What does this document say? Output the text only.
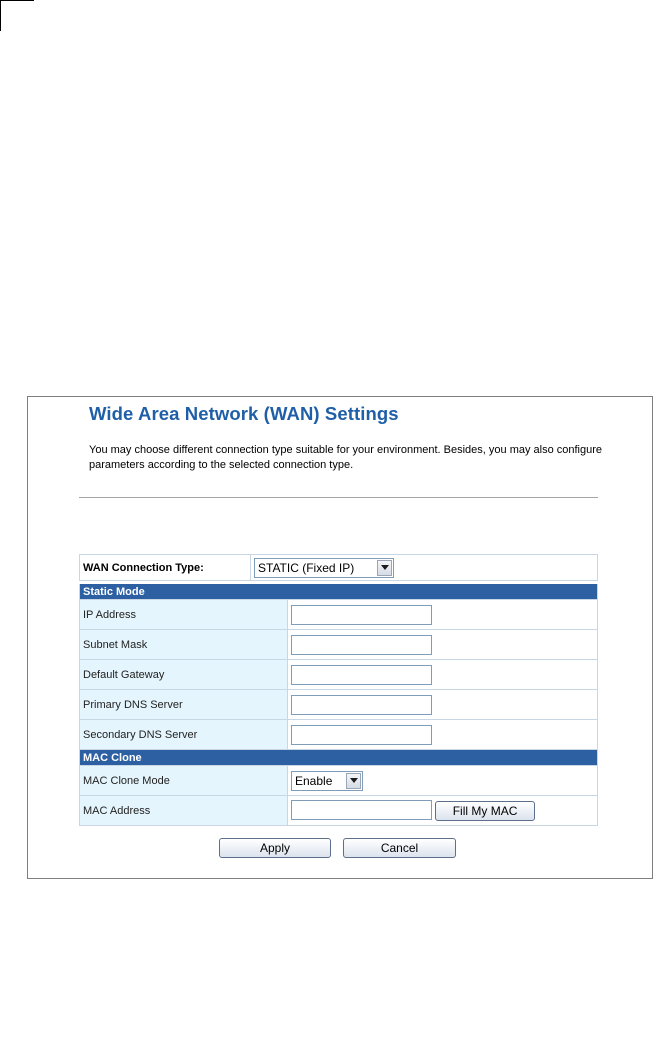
Wide Area Network (WAN) Settings

You may choose different connection type suitable for your environment. Besides, you may also configure parameters according to the selected connection type.

WAN Connection Type:	STATIC (Fixed IP)
Static Mode	
IP Address	
Subnet Mask	
Default Gateway	
Primary DNS Server	
Secondary DNS Server	
MAC Clone	
MAC Clone Mode	Enable

MAC Address	Fill My MAC
Apply	Cancel
